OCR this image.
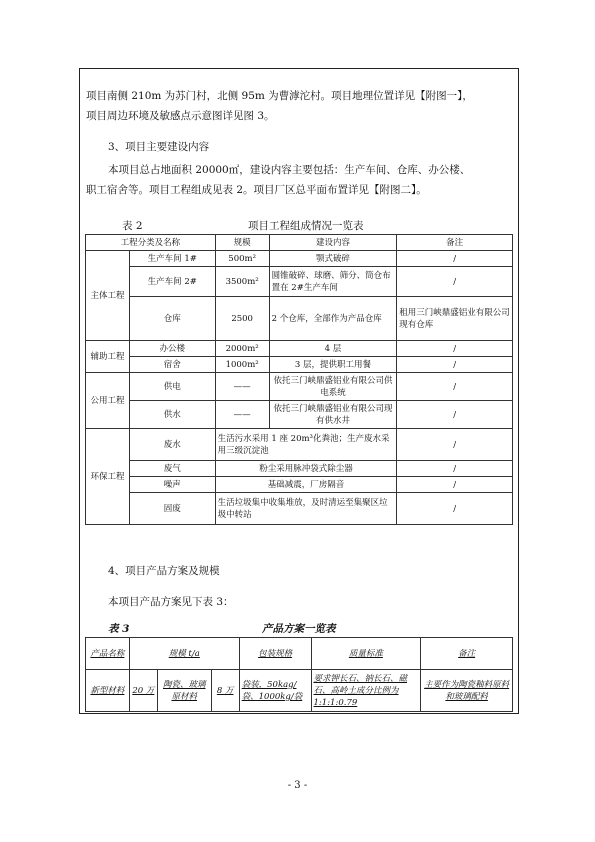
项目南侧 210m 为苏门村，北侧 95m 为曹滹沱村。项目地理位置详见【附图一】，
项目周边环境及敏感点示意图详见图 3。
3、项目主要建设内容
本项目总占地面积 20000㎡，建设内容主要包括：生产车间、仓库、办公楼、
职工宿舍等。项目工程组成见表 2。项目厂区总平面布置详见【附图二】。
表 2	项目工程组成情况一览表
工程分类及名称		规模	建设内容	备注
主体工程	生产车间 1#	500m²	颚式破碎	/
	生产车间 2#	3500m²	圆锥破碎、球磨、筛分、筒仓布置在 2#生产车间	/
	仓库	2500	2 个仓库，全部作为产品仓库	租用三门峡鼎盛铝业有限公司现有仓库
辅助工程	办公楼	2000m²	4 层	/
	宿舍	1000m²	3 层，提供职工用餐	/
公用工程	供电	——	依托三门峡鼎盛铝业有限公司供电系统	/
	供水	——	依托三门峡鼎盛铝业有限公司现有供水井	/
环保工程	废水	生活污水采用 1 座 20m³化粪池；生产废水采用三级沉淀池		/
	废气	粉尘采用脉冲袋式除尘器		/
	噪声	基础减震，厂房隔音		/
	固废	生活垃圾集中收集堆放，及时清运至集聚区垃圾中转站		/
4、项目产品方案及规模
本项目产品方案见下表 3：
表 3	产品方案一览表
产品名称	规模 t/a			包装规格	质量标准	备注
新型材料	20 万	陶瓷、玻璃原材料	8 万	袋装，50kag/袋、1000kg/袋	要求钾长石、钠长石、磁石、高岭土成分比例为 1:1:1:0.79	主要作为陶瓷釉料原料和玻璃配料
- 3 -
